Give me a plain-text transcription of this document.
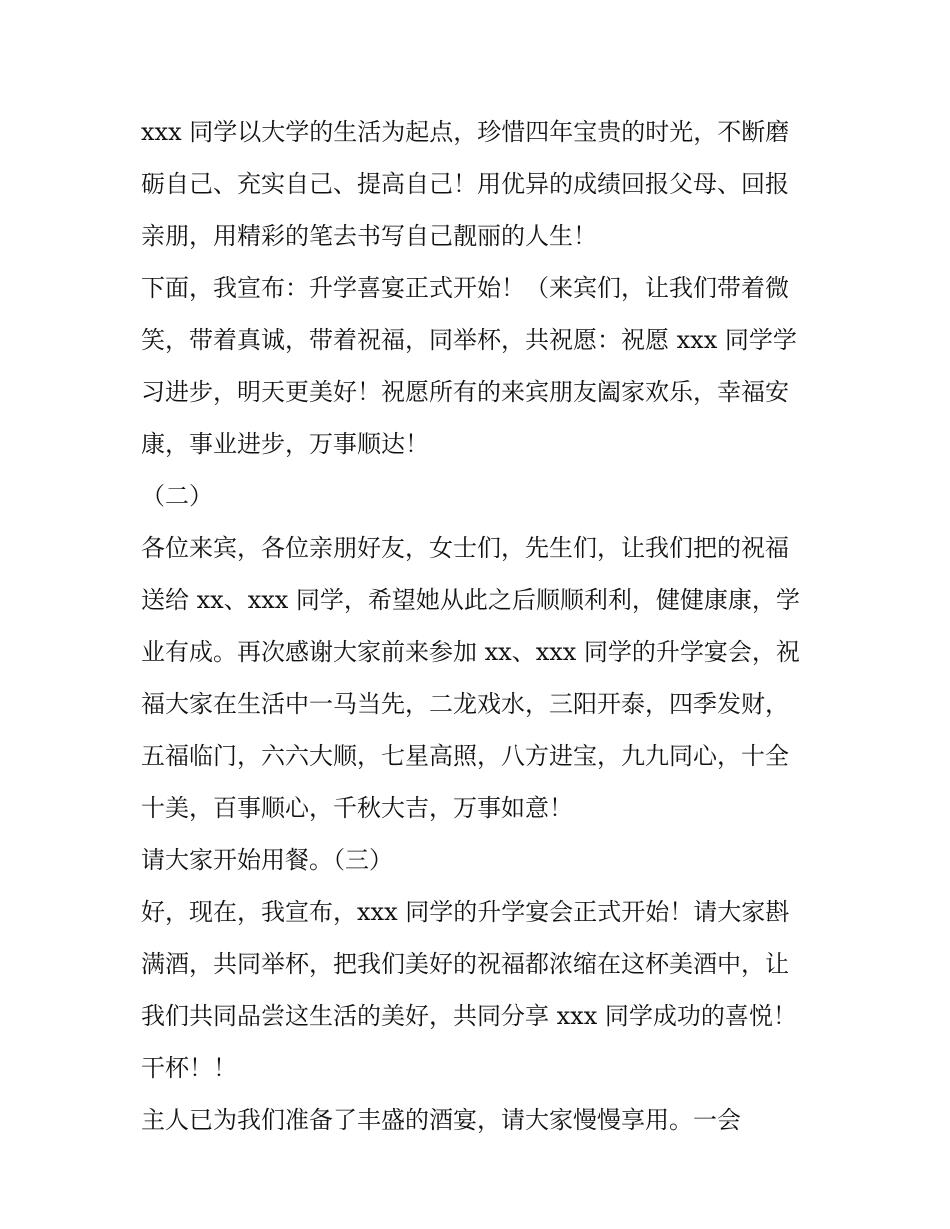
xxx 同学以大学的生活为起点，珍惜四年宝贵的时光，不断磨
砺自己、充实自己、提高自己！用优异的成绩回报父母、回报
亲朋，用精彩的笔去书写自己靓丽的人生！
下面，我宣布：升学喜宴正式开始！（来宾们，让我们带着微
笑，带着真诚，带着祝福，同举杯，共祝愿：祝愿 xxx 同学学
习进步，明天更美好！祝愿所有的来宾朋友阖家欢乐，幸福安
康，事业进步，万事顺达！
（二）
各位来宾，各位亲朋好友，女士们，先生们，让我们把的祝福
送给 xx、xxx 同学，希望她从此之后顺顺利利，健健康康，学
业有成。再次感谢大家前来参加 xx、xxx 同学的升学宴会，祝
福大家在生活中一马当先，二龙戏水，三阳开泰，四季发财，
五福临门，六六大顺，七星高照，八方进宝，九九同心，十全
十美，百事顺心，千秋大吉，万事如意！
请大家开始用餐。（三）
好，现在，我宣布，xxx 同学的升学宴会正式开始！请大家斟
满酒，共同举杯，把我们美好的祝福都浓缩在这杯美酒中，让
我们共同品尝这生活的美好，共同分享 xxx 同学成功的喜悦！
干杯！！
主人已为我们准备了丰盛的酒宴，请大家慢慢享用。一会
